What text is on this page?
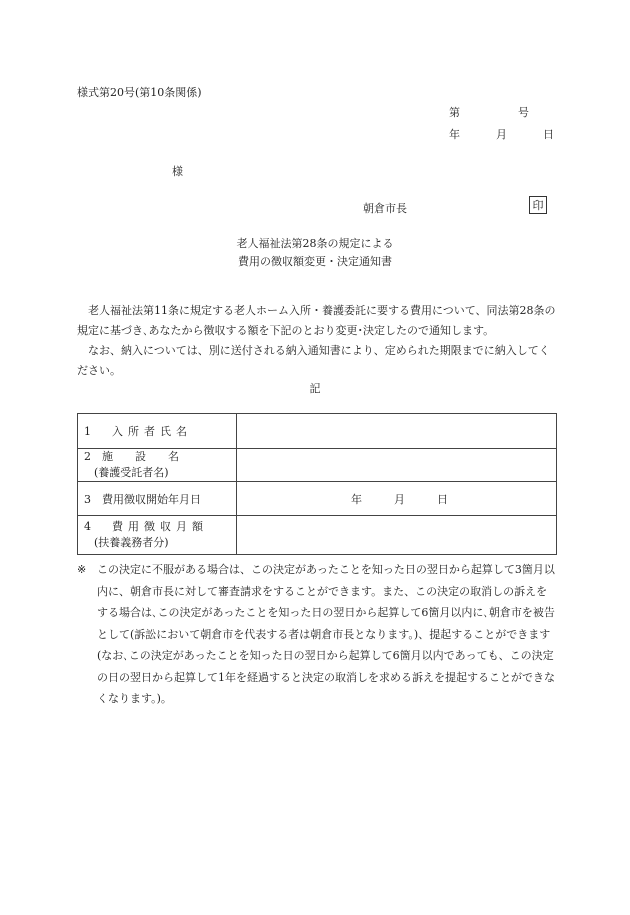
様式第20号(第10条関係)
第	号
年	月	日
様
朝倉市長	印
老人福祉法第28条の規定による
費用の徴収額変更・決定通知書

　老人福祉法第11条に規定する老人ホーム入所・養護委託に要する費用について、同法第28条の規定に基づき､あなたから徴収する額を下記のとおり変更･決定したので通知します。

　なお、納入については、別に送付される納入通知書により、定められた期限までに納入してください。

記
1　入所者氏名	

2　施　　設　　名
(養護受託者名)	

3　費用徴収開始年月日	年 月 日

4　費用徴収月額
(扶養義務者分)	

※ この決定に不服がある場合は、この決定があったことを知った日の翌日から起算して3箇月以内に、朝倉市長に対して審査請求をすることができます。また、この決定の取消しの訴えをする場合は､この決定があったことを知った日の翌日から起算して6箇月以内に､朝倉市を被告として(訴訟において朝倉市を代表する者は朝倉市長となります。)、提起することができます(なお､この決定があったことを知った日の翌日から起算して6箇月以内であっても、この決定の日の翌日から起算して1年を経過すると決定の取消しを求める訴えを提起することができなくなります。)。
